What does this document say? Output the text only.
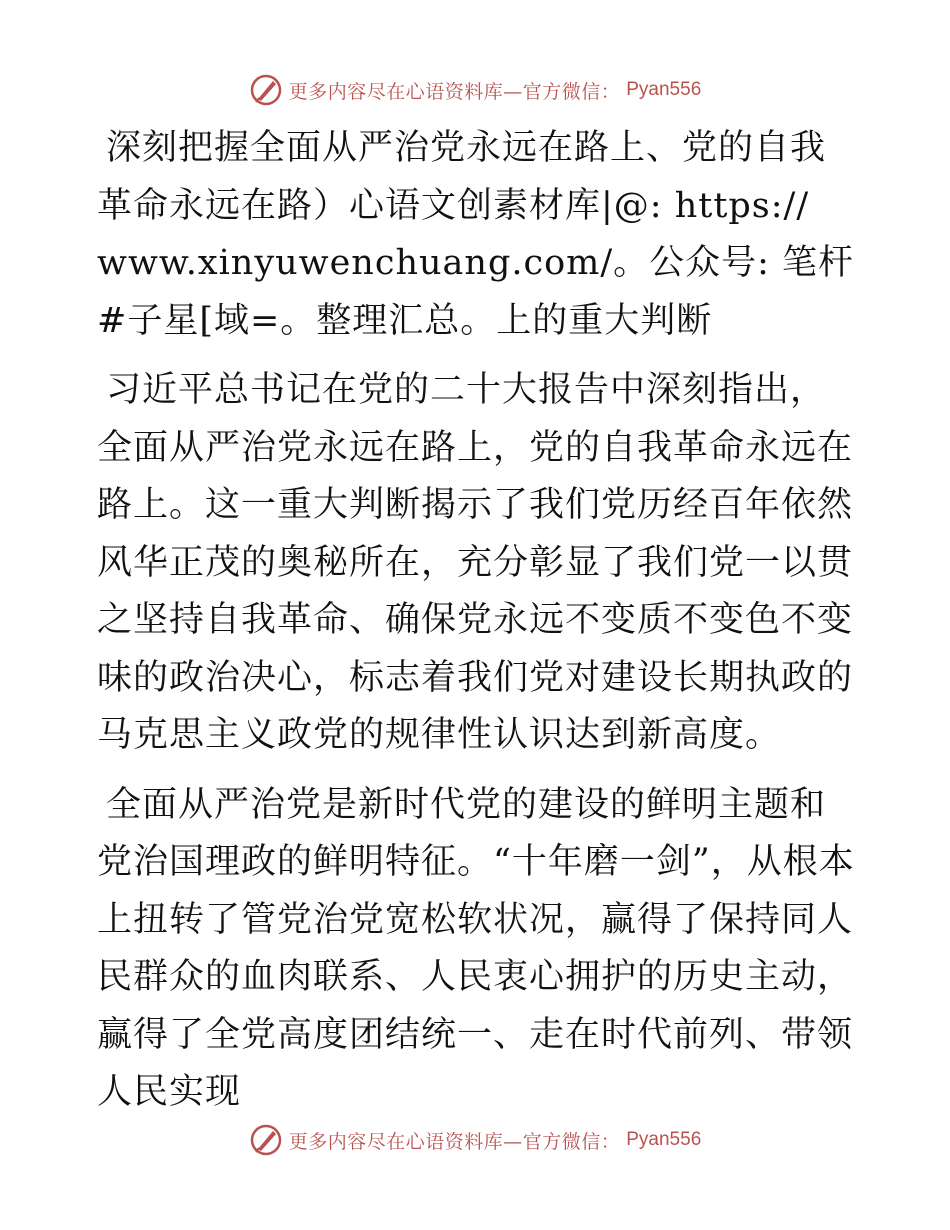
更多内容尽在心语资料库—官方微信： Pyan556

深刻把握全面从严治党永远在路上、党的自我革命永远在路）心语文创素材库|@: https://
www.xinyuwenchuang.com/。公众号: 笔杆#子星[域=。整理汇总。上的重大判断

习近平总书记在党的二十大报告中深刻指出，全面从严治党永远在路上，党的自我革命永远在路上。这一重大判断揭示了我们党历经百年依然风华正茂的奥秘所在，充分彰显了我们党一以贯之坚持自我革命、确保党永远不变质不变色不变味的政治决心，标志着我们党对建设长期执政的马克思主义政党的规律性认识达到新高度。

全面从严治党是新时代党的建设的鲜明主题和党治国理政的鲜明特征。“十年磨一剑”，从根本上扭转了管党治党宽松软状况，赢得了保持同人民群众的血肉联系、人民衷心拥护的历史主动，赢得了全党高度团结统一、走在时代前列、带领人民实现

更多内容尽在心语资料库—官方微信： Pyan556
